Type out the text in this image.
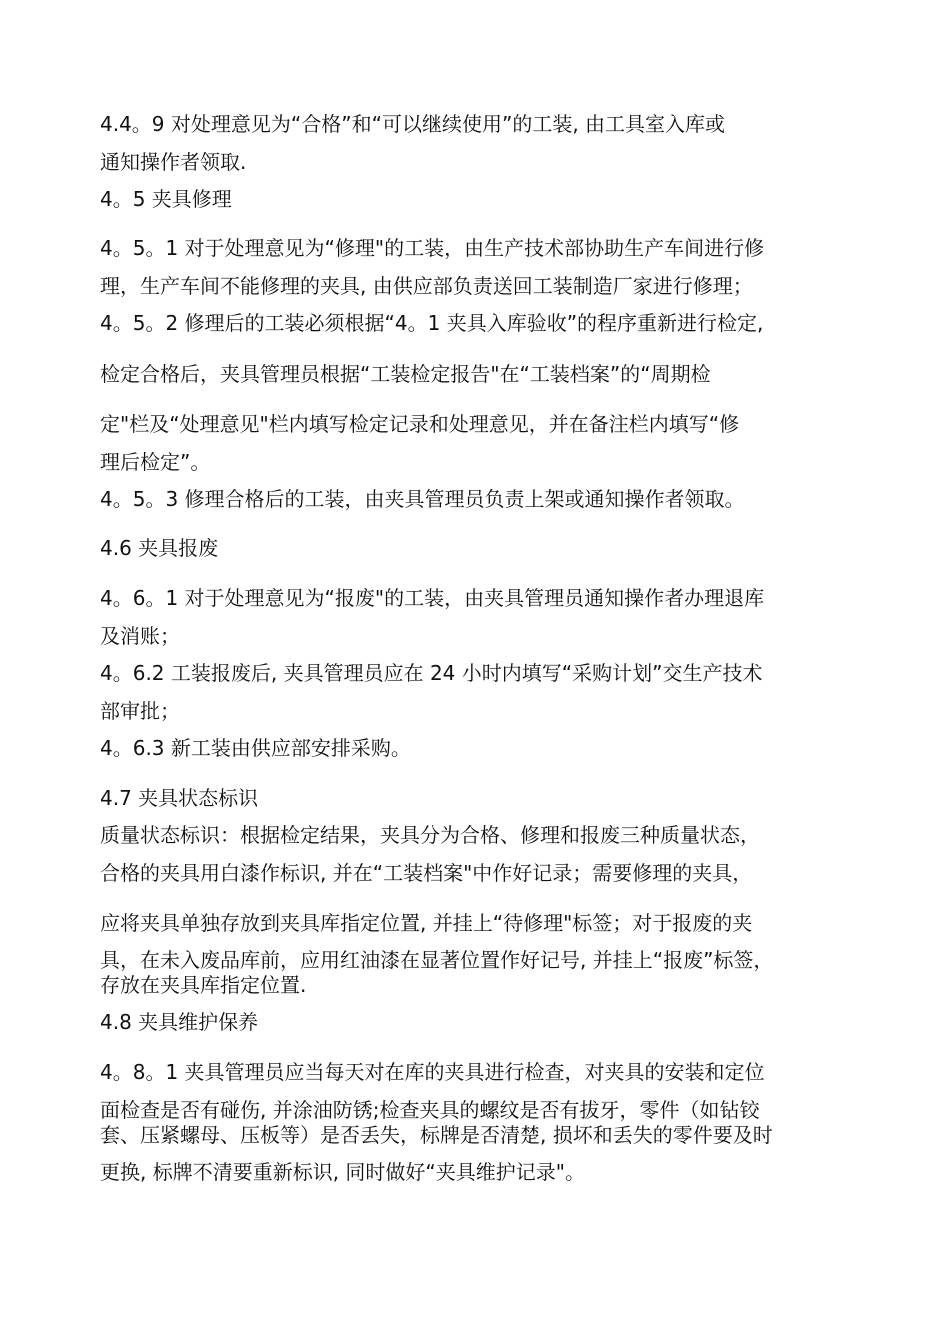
4.4。9 对处理意见为“合格”和“可以继续使用”的工装, 由工具室入库或

通知操作者领取.

4。5 夹具修理

4。5。1 对于处理意见为“修理"的工装，由生产技术部协助生产车间进行修

理，生产车间不能修理的夹具, 由供应部负责送回工装制造厂家进行修理；

4。5。2 修理后的工装必须根据“4。1 夹具入库验收”的程序重新进行检定,

检定合格后，夹具管理员根据“工装检定报告"在“工装档案”的“周期检

定"栏及“处理意见"栏内填写检定记录和处理意见，并在备注栏内填写“修

理后检定”。

4。5。3 修理合格后的工装，由夹具管理员负责上架或通知操作者领取。

4.6 夹具报废

4。6。1 对于处理意见为“报废"的工装，由夹具管理员通知操作者办理退库

及消账；

4。6.2 工装报废后, 夹具管理员应在 24 小时内填写“采购计划”交生产技术

部审批；

4。6.3 新工装由供应部安排采购。

4.7 夹具状态标识

质量状态标识：根据检定结果，夹具分为合格、修理和报废三种质量状态，

合格的夹具用白漆作标识, 并在“工装档案"中作好记录；需要修理的夹具，

应将夹具单独存放到夹具库指定位置, 并挂上“待修理"标签；对于报废的夹

具，在未入废品库前，应用红油漆在显著位置作好记号, 并挂上“报废”标签，

存放在夹具库指定位置.

4.8 夹具维护保养

4。8。1 夹具管理员应当每天对在库的夹具进行检查，对夹具的安装和定位

面检查是否有碰伤, 并涂油防锈;检查夹具的螺纹是否有拔牙，零件（如钻铰

套、压紧螺母、压板等）是否丢失，标牌是否清楚, 损坏和丢失的零件要及时

更换, 标牌不清要重新标识, 同时做好“夹具维护记录"。
